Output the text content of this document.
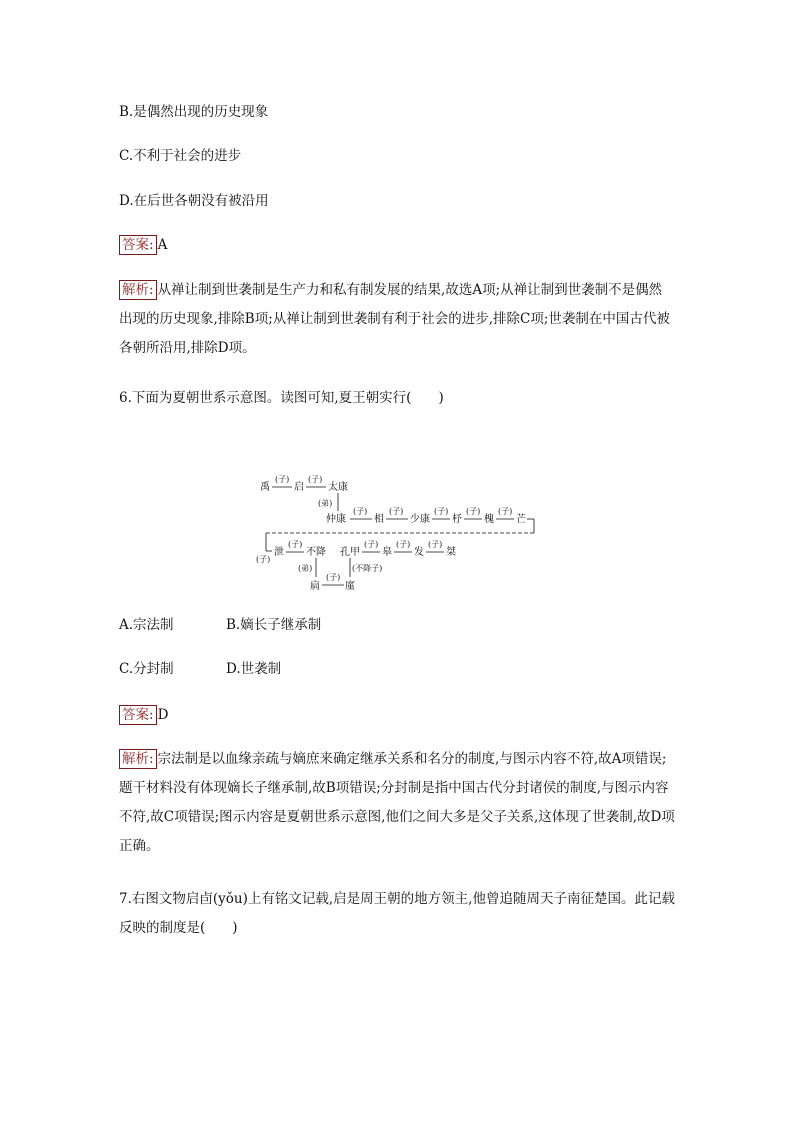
B.是偶然出现的历史现象
C.不利于社会的进步
D.在后世各朝没有被沿用
答案: A
解析: 从禅让制到世袭制是生产力和私有制发展的结果,故选A项;从禅让制到世袭制不是偶然出现的历史现象,排除B项;从禅让制到世袭制有利于社会的进步,排除C项;世袭制在中国古代被各朝所沿用,排除D项。
6.下面为夏朝世系示意图。读图可知,夏王朝实行(　　)
禹
(子)
启
(子)
太康
(弟)
仲康
(子)
相
(子)
少康
(子)
杼
(子)
槐
(子)
芒
(子)
泄
(子)
不降
(弟)
孔甲
(子)
皋
(子)
发
(子)
桀
(不降子)
扃
(子)
廑
A.宗法制	B.嫡长子继承制
C.分封制	D.世袭制
答案: D
解析: 宗法制是以血缘亲疏与嫡庶来确定继承关系和名分的制度,与图示内容不符,故A项错误;题干材料没有体现嫡长子继承制,故B项错误;分封制是指中国古代分封诸侯的制度,与图示内容不符,故C项错误;图示内容是夏朝世系示意图,他们之间大多是父子关系,这体现了世袭制,故D项正确。
7.右图文物启卣(yǒu)上有铭文记载,启是周王朝的地方领主,他曾追随周天子南征楚国。此记载反映的制度是(　　)
